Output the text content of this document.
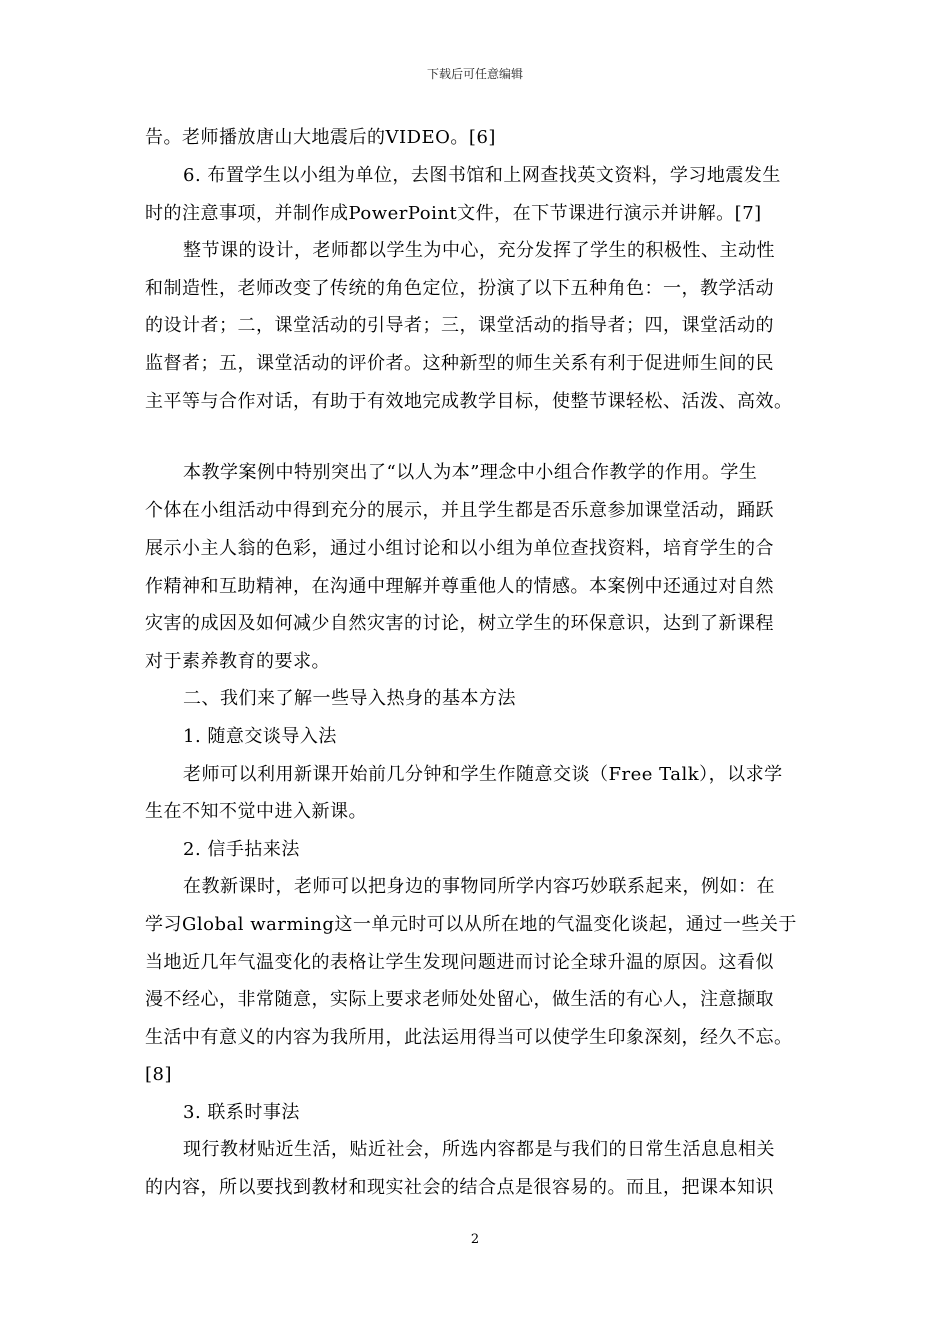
下载后可任意编辑
告。老师播放唐山大地震后的VIDEO。[6]
6. 布置学生以小组为单位，去图书馆和上网查找英文资料，学习地震发生
时的注意事项，并制作成PowerPoint文件，在下节课进行演示并讲解。[7]
整节课的设计，老师都以学生为中心，充分发挥了学生的积极性、主动性
和制造性，老师改变了传统的角色定位，扮演了以下五种角色：一，教学活动
的设计者；二，课堂活动的引导者；三，课堂活动的指导者；四，课堂活动的
监督者；五，课堂活动的评价者。这种新型的师生关系有利于促进师生间的民
主平等与合作对话，有助于有效地完成教学目标，使整节课轻松、活泼、高效。
本教学案例中特别突出了“以人为本”理念中小组合作教学的作用。学生
个体在小组活动中得到充分的展示，并且学生都是否乐意参加课堂活动，踊跃
展示小主人翁的色彩，通过小组讨论和以小组为单位查找资料，培育学生的合
作精神和互助精神，在沟通中理解并尊重他人的情感。本案例中还通过对自然
灾害的成因及如何减少自然灾害的讨论，树立学生的环保意识，达到了新课程
对于素养教育的要求。
二、我们来了解一些导入热身的基本方法
1. 随意交谈导入法
老师可以利用新课开始前几分钟和学生作随意交谈（Free Talk），以求学
生在不知不觉中进入新课。
2. 信手拈来法
在教新课时，老师可以把身边的事物同所学内容巧妙联系起来，例如：在
学习Global warming这一单元时可以从所在地的气温变化谈起，通过一些关于
当地近几年气温变化的表格让学生发现问题进而讨论全球升温的原因。这看似
漫不经心，非常随意，实际上要求老师处处留心，做生活的有心人，注意撷取
生活中有意义的内容为我所用，此法运用得当可以使学生印象深刻，经久不忘。
[8]
3. 联系时事法
现行教材贴近生活，贴近社会，所选内容都是与我们的日常生活息息相关
的内容，所以要找到教材和现实社会的结合点是很容易的。而且，把课本知识
2
